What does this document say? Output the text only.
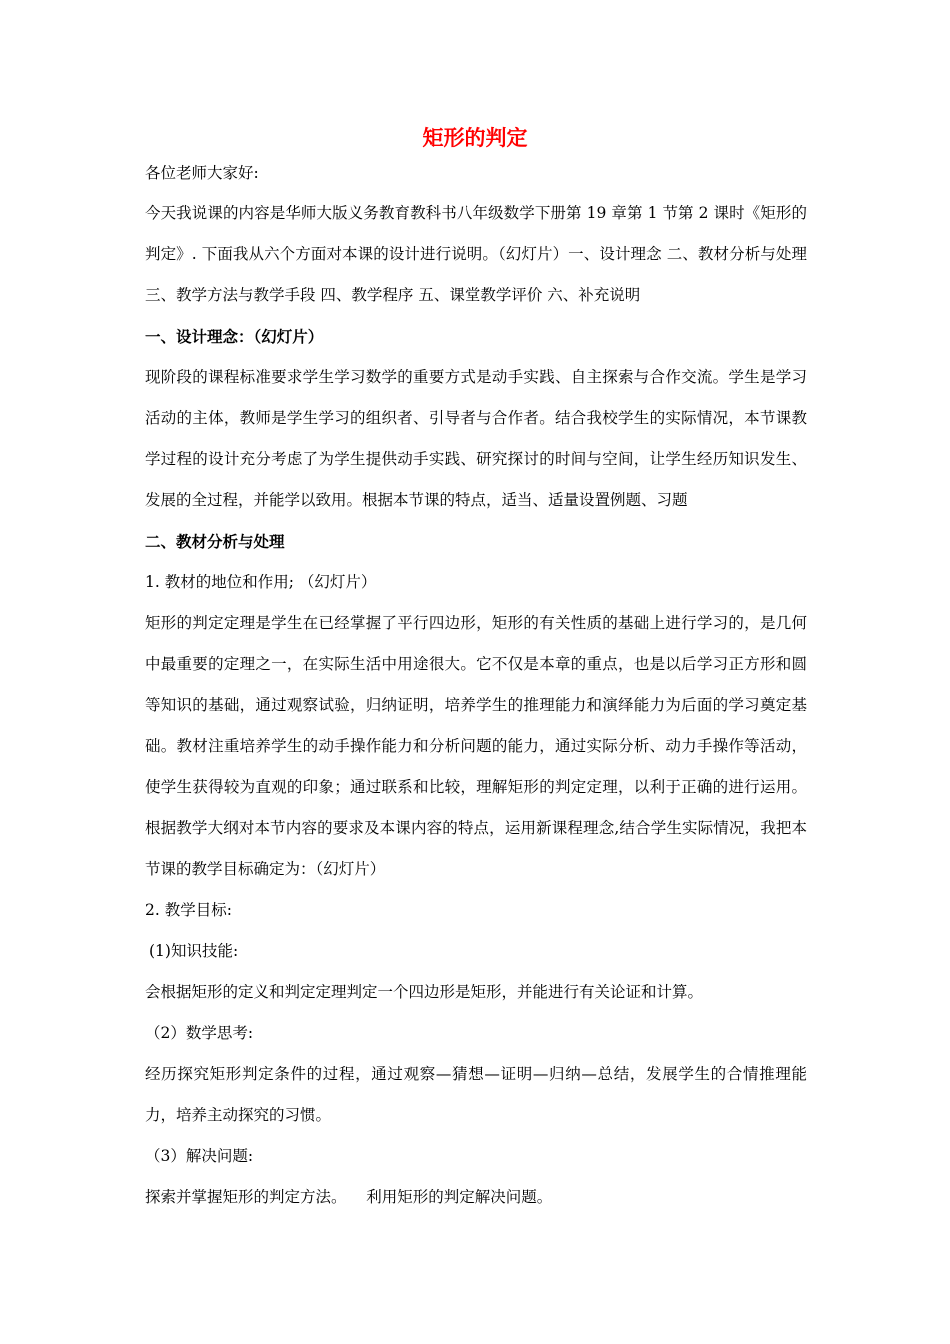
矩形的判定

各位老师大家好:

今天我说课的内容是华师大版义务教育教科书八年级数学下册第 19 章第 1 节第 2 课时《矩形的判定》. 下面我从六个方面对本课的设计进行说明。（幻灯片）一、设计理念 二、教材分析与处理 三、教学方法与教学手段 四、教学程序 五、课堂教学评价 六、补充说明

一、设计理念：（幻灯片）

现阶段的课程标准要求学生学习数学的重要方式是动手实践、自主探索与合作交流。学生是学习活动的主体，教师是学生学习的组织者、引导者与合作者。结合我校学生的实际情况，本节课教学过程的设计充分考虑了为学生提供动手实践、研究探讨的时间与空间，让学生经历知识发生、发展的全过程，并能学以致用。根据本节课的特点，适当、适量设置例题、习题

二、教材分析与处理

1. 教材的地位和作用; （幻灯片）

矩形的判定定理是学生在已经掌握了平行四边形，矩形的有关性质的基础上进行学习的，是几何中最重要的定理之一，在实际生活中用途很大。它不仅是本章的重点，也是以后学习正方形和圆等知识的基础，通过观察试验，归纳证明，培养学生的推理能力和演绎能力为后面的学习奠定基础。教材注重培养学生的动手操作能力和分析问题的能力，通过实际分析、动力手操作等活动，使学生获得较为直观的印象；通过联系和比较，理解矩形的判定定理，以利于正确的进行运用。根据教学大纲对本节内容的要求及本课内容的特点，运用新课程理念,结合学生实际情况，我把本节课的教学目标确定为：（幻灯片）

2. 教学目标:

(1)知识技能:

会根据矩形的定义和判定定理判定一个四边形是矩形，并能进行有关论证和计算。

（2）数学思考:

经历探究矩形判定条件的过程，通过观察—猜想—证明—归纳—总结，发展学生的合情推理能力，培养主动探究的习惯。

（3）解决问题:

探索并掌握矩形的判定方法。    利用矩形的判定解决问题。
